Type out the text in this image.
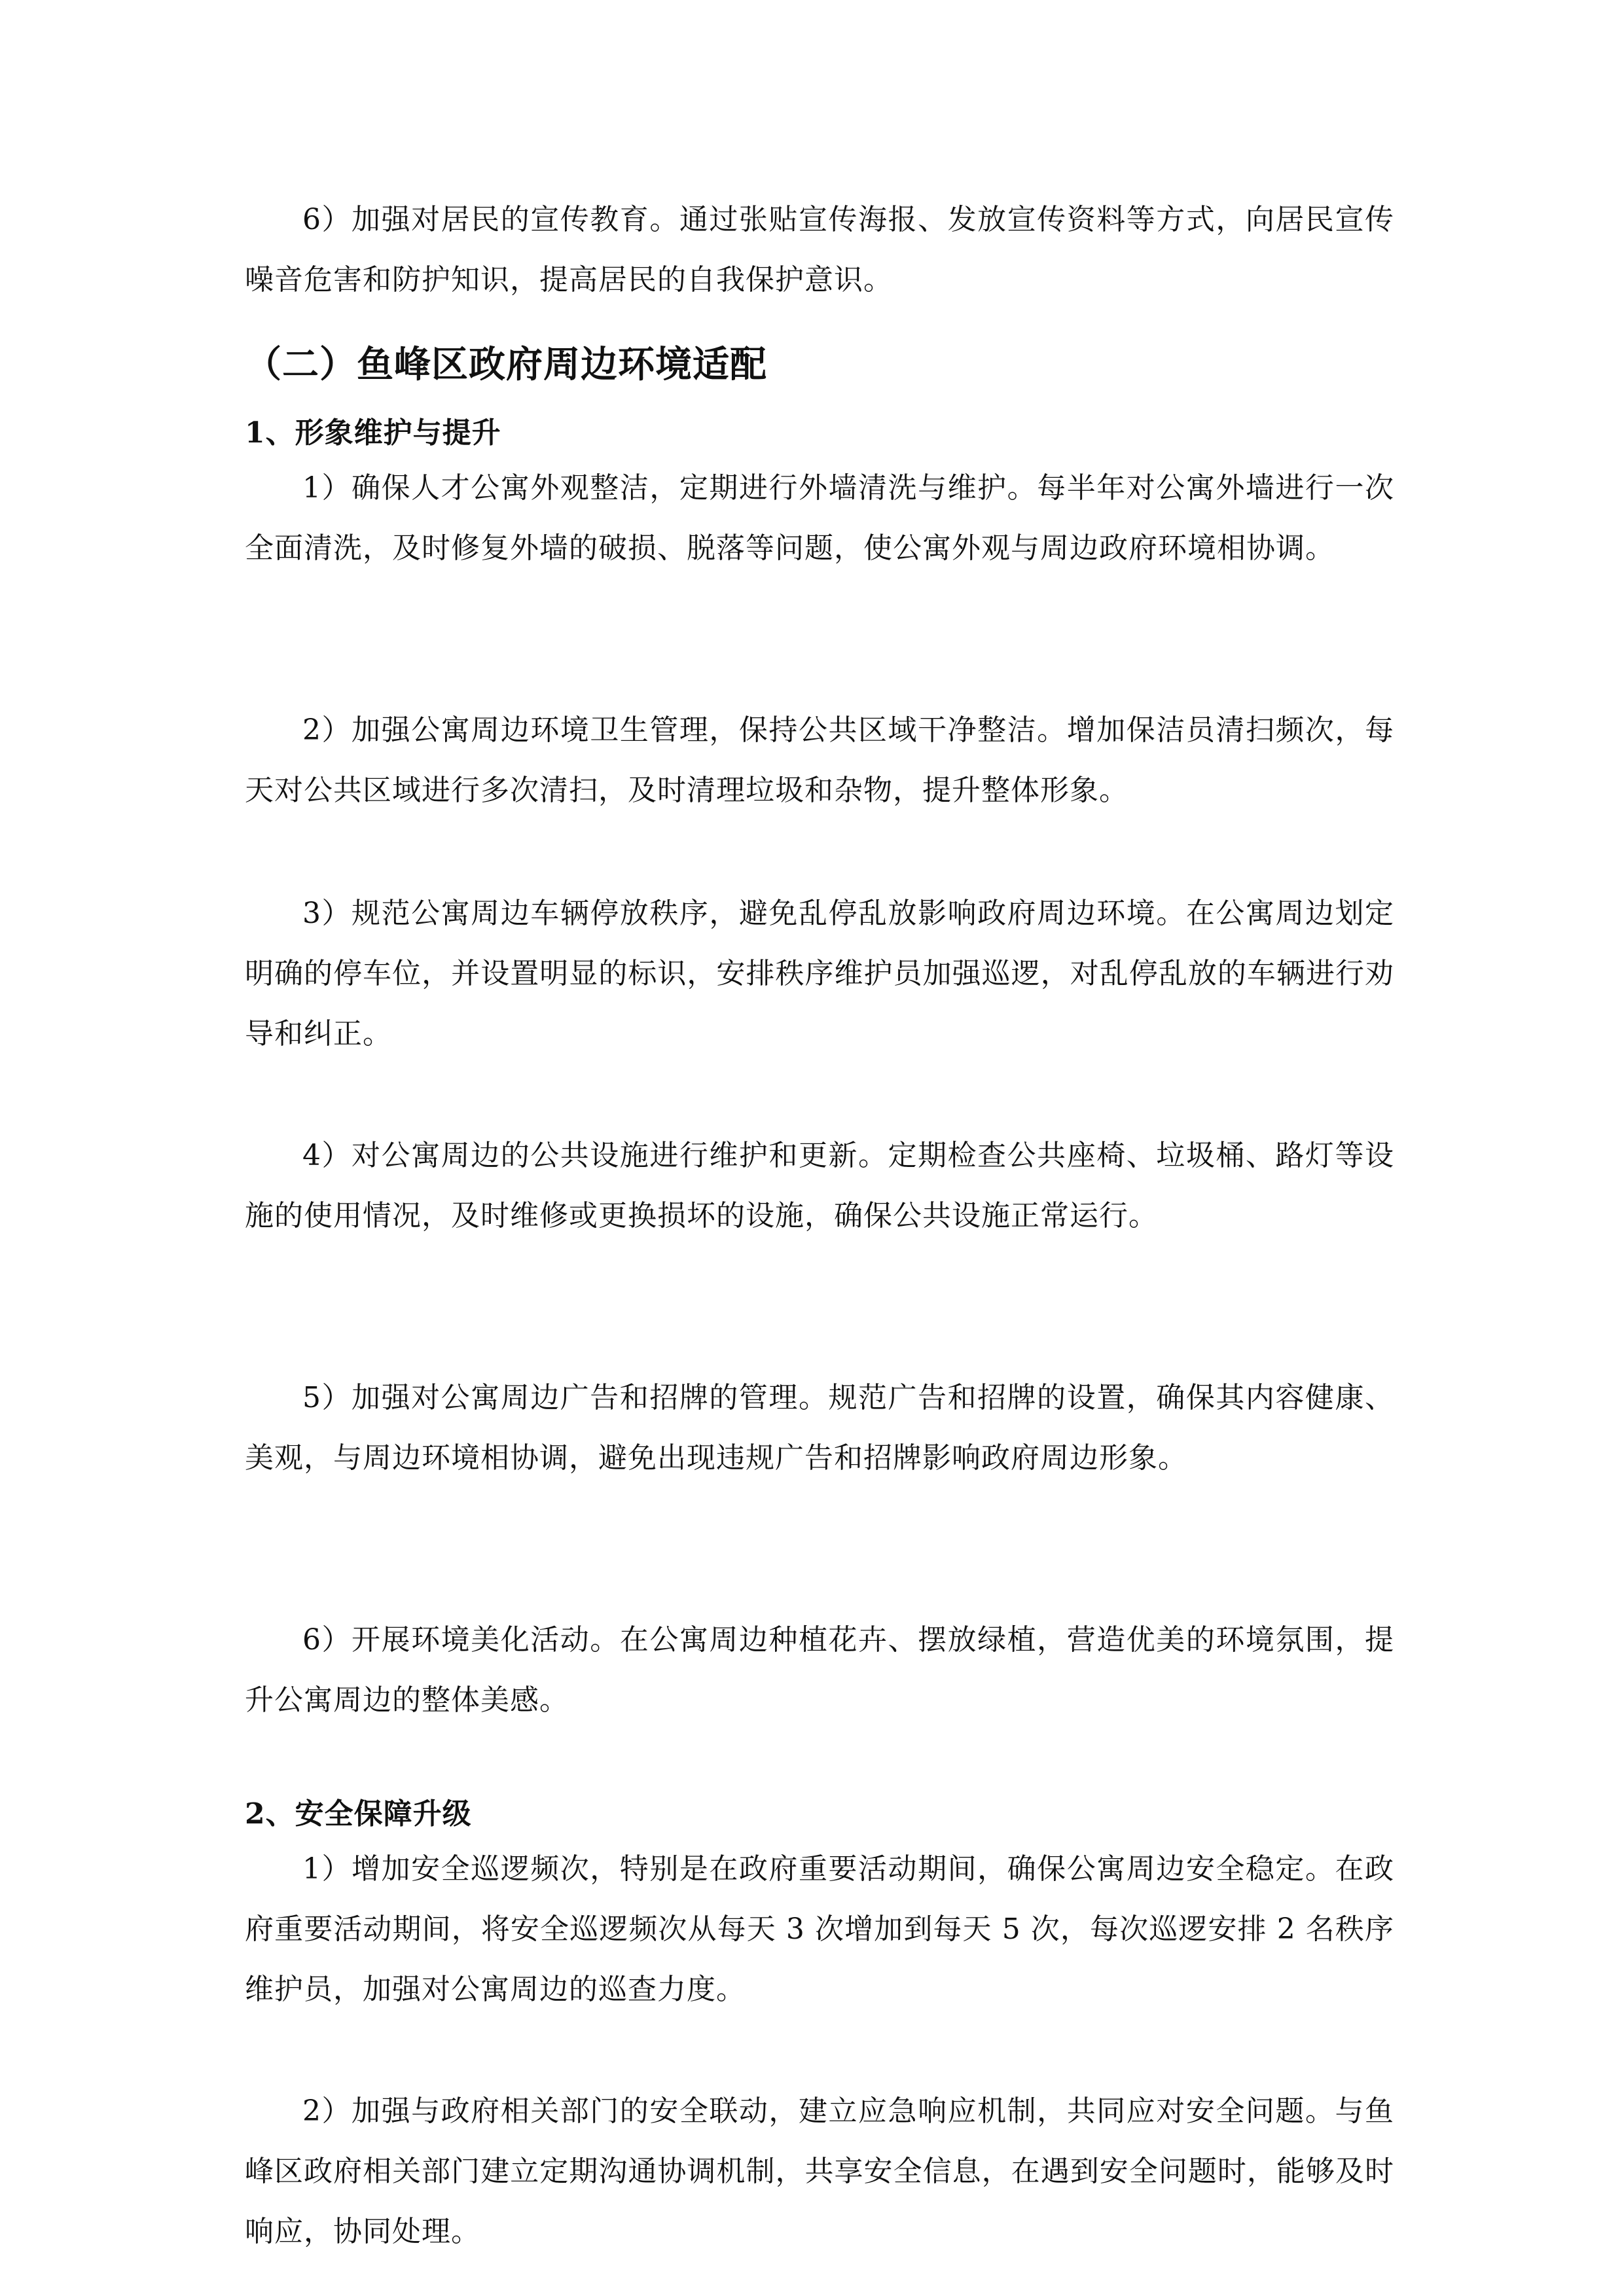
6）加强对居民的宣传教育。通过张贴宣传海报、发放宣传资料等方式，向居民宣传噪音危害和防护知识，提高居民的自我保护意识。

（二）鱼峰区政府周边环境适配
1、形象维护与提升

1）确保人才公寓外观整洁，定期进行外墙清洗与维护。每半年对公寓外墙进行一次全面清洗，及时修复外墙的破损、脱落等问题，使公寓外观与周边政府环境相协调。

2）加强公寓周边环境卫生管理，保持公共区域干净整洁。增加保洁员清扫频次，每天对公共区域进行多次清扫，及时清理垃圾和杂物，提升整体形象。

3）规范公寓周边车辆停放秩序，避免乱停乱放影响政府周边环境。在公寓周边划定明确的停车位，并设置明显的标识，安排秩序维护员加强巡逻，对乱停乱放的车辆进行劝导和纠正。

4）对公寓周边的公共设施进行维护和更新。定期检查公共座椅、垃圾桶、路灯等设施的使用情况，及时维修或更换损坏的设施，确保公共设施正常运行。

5）加强对公寓周边广告和招牌的管理。规范广告和招牌的设置，确保其内容健康、美观，与周边环境相协调，避免出现违规广告和招牌影响政府周边形象。

6）开展环境美化活动。在公寓周边种植花卉、摆放绿植，营造优美的环境氛围，提升公寓周边的整体美感。

2、安全保障升级

1）增加安全巡逻频次，特别是在政府重要活动期间，确保公寓周边安全稳定。在政府重要活动期间，将安全巡逻频次从每天 3 次增加到每天 5 次，每次巡逻安排 2 名秩序维护员，加强对公寓周边的巡查力度。

2）加强与政府相关部门的安全联动，建立应急响应机制，共同应对安全问题。与鱼峰区政府相关部门建立定期沟通协调机制，共享安全信息，在遇到安全问题时，能够及时响应，协同处理。
